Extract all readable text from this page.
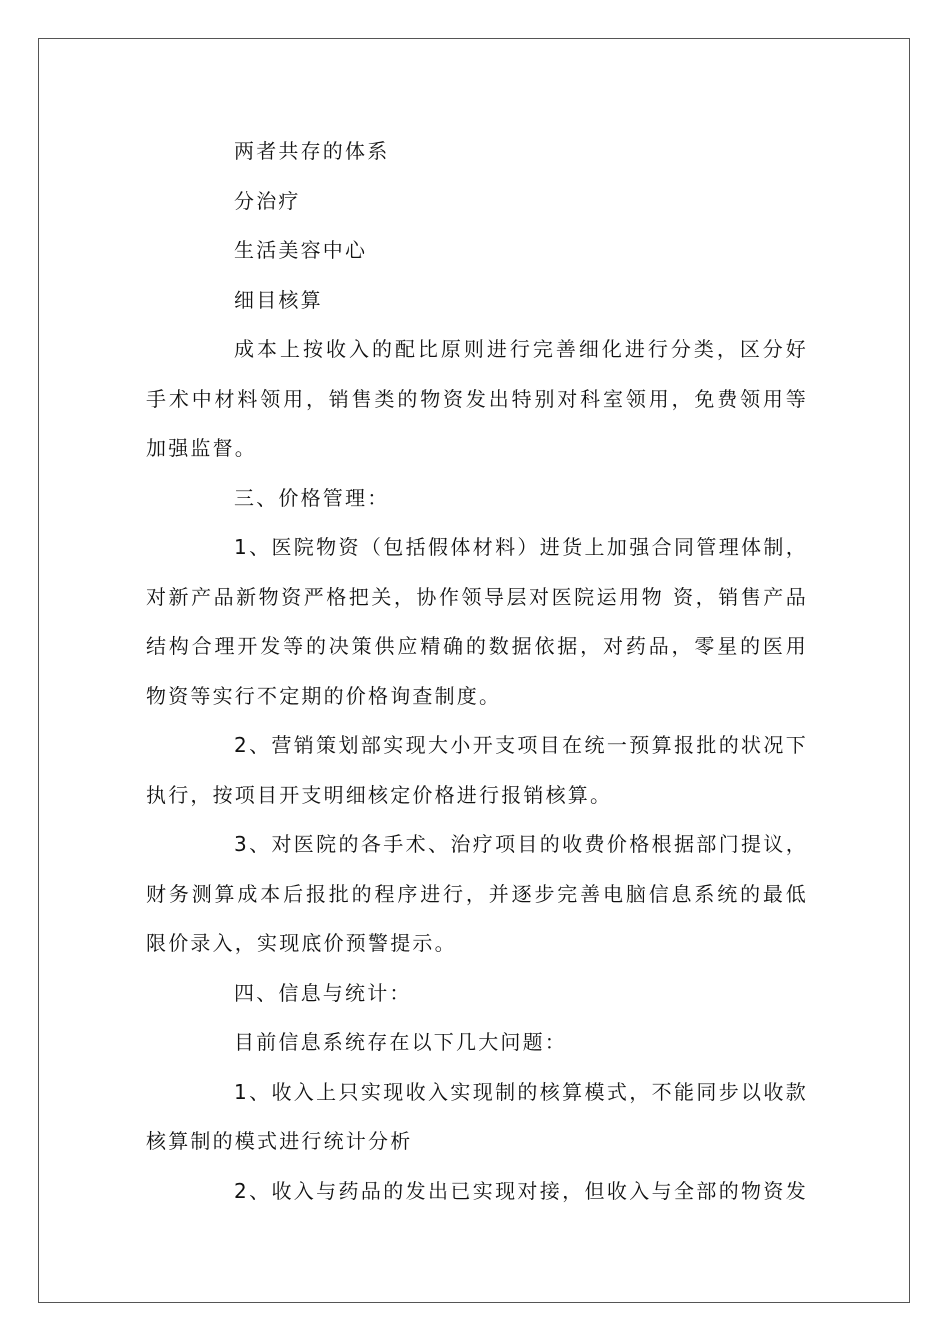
两者共存的体系
分治疗
生活美容中心
细目核算
成本上按收入的配比原则进行完善细化进行分类，区分好
手术中材料领用，销售类的物资发出特别对科室领用，免费领用等
加强监督。
三、价格管理：
1、医院物资（包括假体材料）进货上加强合同管理体制，
对新产品新物资严格把关，协作领导层对医院运用物 资，销售产品
结构合理开发等的决策供应精确的数据依据，对药品，零星的医用
物资等实行不定期的价格询查制度。
2、营销策划部实现大小开支项目在统一预算报批的状况下
执行，按项目开支明细核定价格进行报销核算。
3、对医院的各手术、治疗项目的收费价格根据部门提议，
财务测算成本后报批的程序进行，并逐步完善电脑信息系统的最低
限价录入，实现底价预警提示。
四、信息与统计：
目前信息系统存在以下几大问题：
1、收入上只实现收入实现制的核算模式，不能同步以收款
核算制的模式进行统计分析
2、收入与药品的发出已实现对接，但收入与全部的物资发
